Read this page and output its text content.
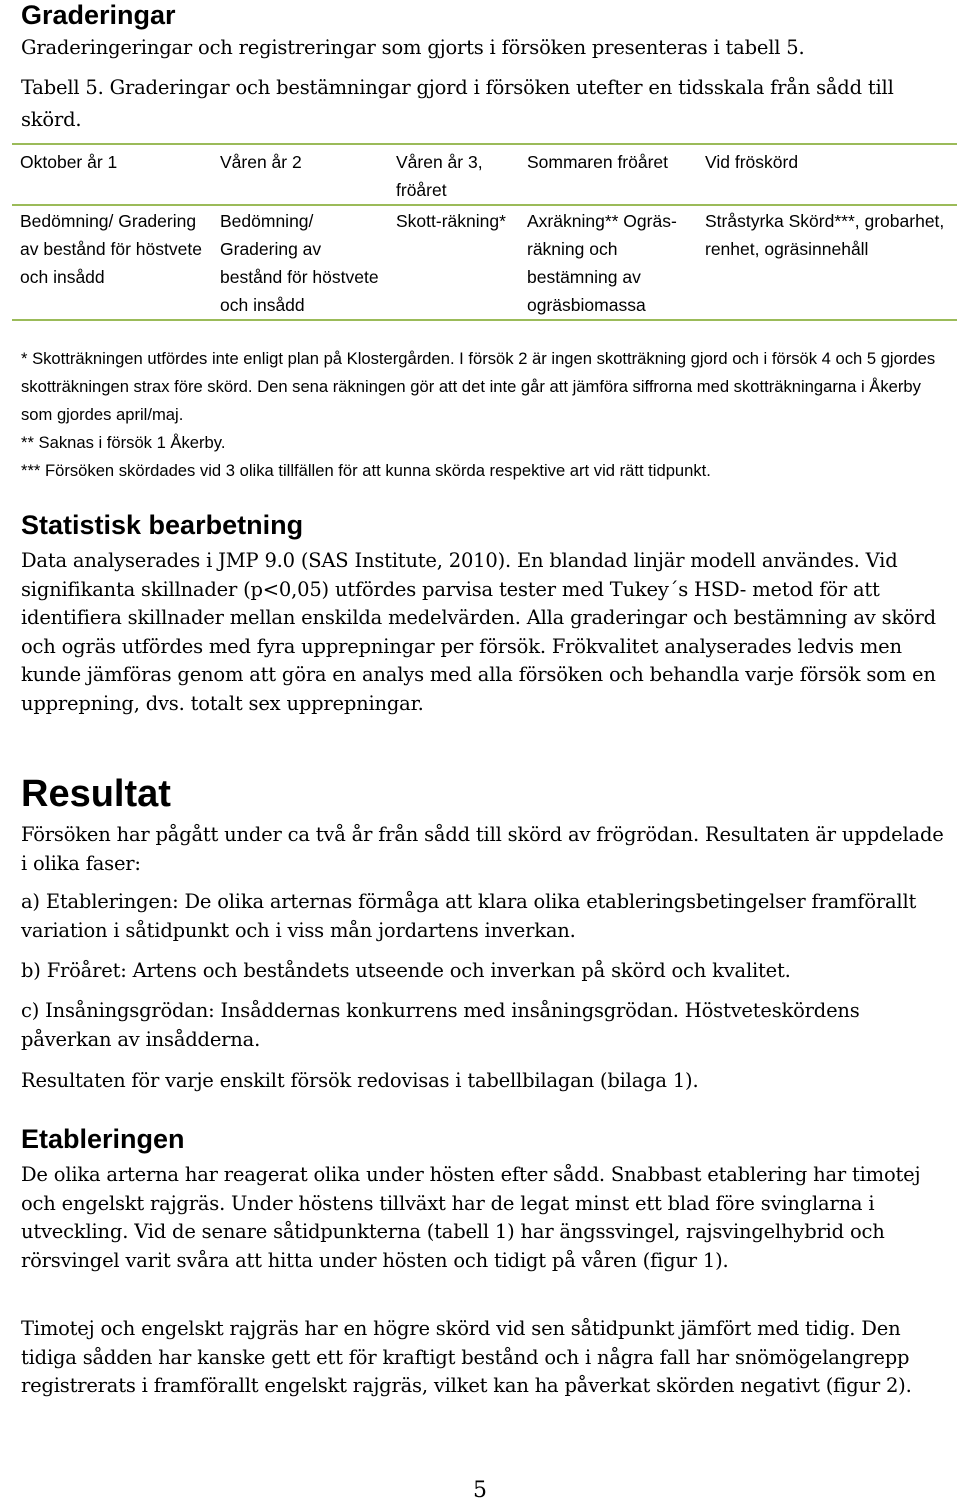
Graderingar

Graderingeringar och registreringar som gjorts i försöken presenteras i tabell 5.

Tabell 5. Graderingar och bestämningar gjord i försöken utefter en tidsskala från sådd till skörd.

Oktober år 1	Våren år 2	Våren år 3, fröåret	Sommaren fröåret	Vid fröskörd
Bedömning/ Gradering av bestånd för höstvete och insådd	Bedömning/ Gradering av bestånd för höstvete och insådd	Skott-räkning*	Axräkning** Ogräs-räkning och bestämning av ogräsbiomassa	Stråstyrka Skörd***, grobarhet, renhet, ogräsinnehåll

* Skotträkningen utfördes inte enligt plan på Klostergården. I försök 2 är ingen skotträkning gjord och i försök 4 och 5 gjordes skotträkningen strax före skörd. Den sena räkningen gör att det inte går att jämföra siffrorna med skotträkningarna i Åkerby som gjordes april/maj.

** Saknas i försök 1 Åkerby.

*** Försöken skördades vid 3 olika tillfällen för att kunna skörda respektive art vid rätt tidpunkt.

Statistisk bearbetning

Data analyserades i JMP 9.0 (SAS Institute, 2010). En blandad linjär modell användes. Vid signifikanta skillnader (p<0,05) utfördes parvisa tester med Tukey´s HSD- metod för att identifiera skillnader mellan enskilda medelvärden. Alla graderingar och bestämning av skörd och ogräs utfördes med fyra upprepningar per försök. Frökvalitet analyserades ledvis men kunde jämföras genom att göra en analys med alla försöken och behandla varje försök som en upprepning, dvs. totalt sex upprepningar.

Resultat

Försöken har pågått under ca två år från sådd till skörd av frögrödan. Resultaten är uppdelade i olika faser:

a) Etableringen: De olika arternas förmåga att klara olika etableringsbetingelser framförallt variation i såtidpunkt och i viss mån jordartens inverkan.

b) Fröåret: Artens och beståndets utseende och inverkan på skörd och kvalitet.

c) Insåningsgrödan: Insåddernas konkurrens med insåningsgrödan. Höstveteskördens påverkan av insådderna.

Resultaten för varje enskilt försök redovisas i tabellbilagan (bilaga 1).

Etableringen

De olika arterna har reagerat olika under hösten efter sådd. Snabbast etablering har timotej och engelskt rajgräs. Under höstens tillväxt har de legat minst ett blad före svinglarna i utveckling. Vid de senare såtidpunkterna (tabell 1) har ängssvingel, rajsvingelhybrid och rörsvingel varit svåra att hitta under hösten och tidigt på våren (figur 1).

Timotej och engelskt rajgräs har en högre skörd vid sen såtidpunkt jämfört med tidig. Den tidiga sådden har kanske gett ett för kraftigt bestånd och i några fall har snömögelangrepp registrerats i framförallt engelskt rajgräs, vilket kan ha påverkat skörden negativt (figur 2).

5
